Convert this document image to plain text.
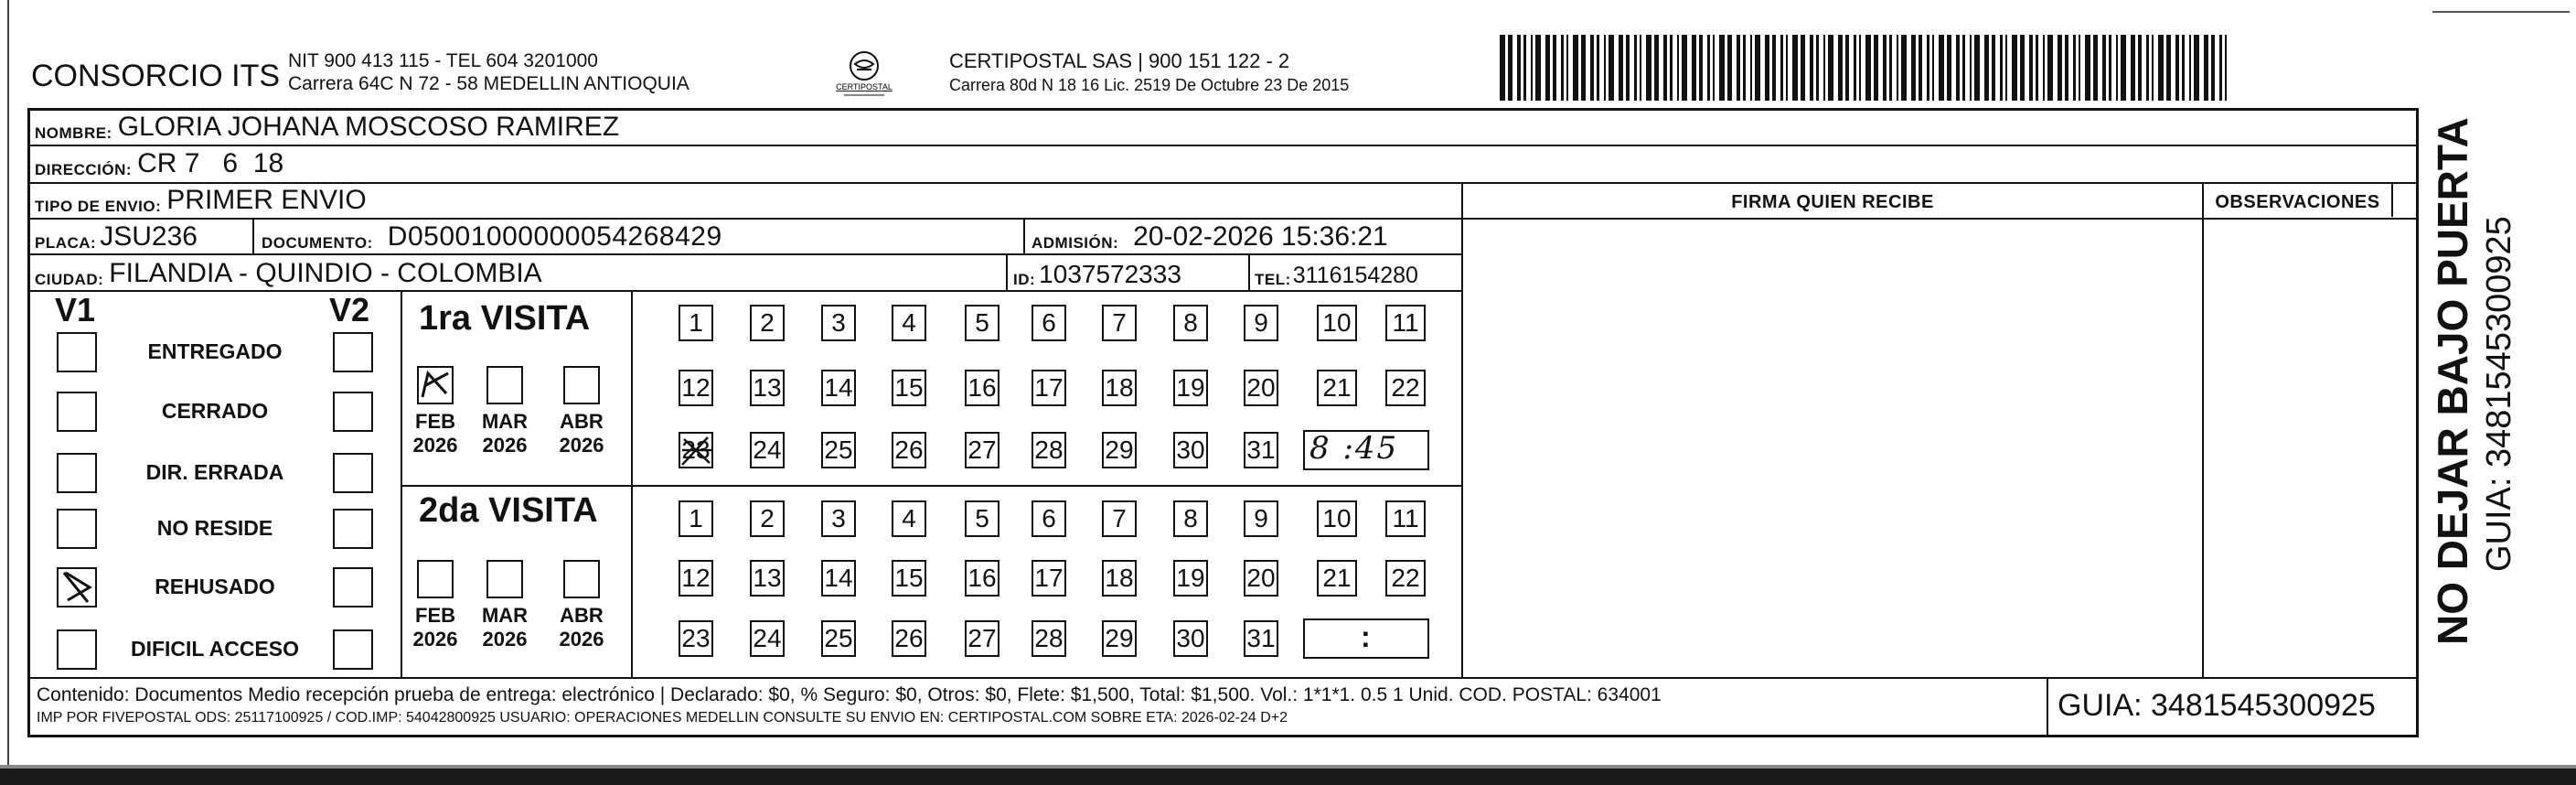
CONSORCIO ITS NIT 900 413 115 - TEL 604 3201000
Carrera 64C N 72 - 58 MEDELLIN ANTIOQUIA	CERTIPOSTAL
CERTIPOSTAL SAS | 900 151 122 - 2
Carrera 80d N 18 16 Lic. 2519 De Octubre 23 De 2015
NOMBRE: GLORIA JOHANA MOSCOSO RAMIREZ
DIRECCIÓN: CR 7   6  18
TIPO DE ENVIO: PRIMER ENVIO	FIRMA QUIEN RECIBE	OBSERVACIONES
PLACA: JSU236	DOCUMENTO: D05001000000054268429	ADMISIÓN: 20-02-2026 15:36:21
CIUDAD: FILANDIA - QUINDIO - COLOMBIA	ID: 1037572333	TEL: 3116154280
V1	V2
ENTREGADO
CERRADO
DIR. ERRADA
NO RESIDE
REHUSADO
DIFICIL ACCESO
1ra VISITA
FEB
2026
MAR
2026
ABR
2026
1	2	3	4	5	6	7	8	9	10 11
12 13 14 15 16 17 18 19 20 21 22
23 24 25 26 27 28 29 30 31 8 :45
2da VISITA
FEB
2026
MAR
2026
ABR
2026
1	2	3	4	5	6	7	8	9	10 11
12 13 14 15 16 17 18 19 20 21 22
23 24 25 26 27 28 29 30 31	:
Contenido: Documentos Medio recepción prueba de entrega: electrónico | Declarado: $0, % Seguro: $0, Otros: $0, Flete: $1,500, Total: $1,500. Vol.: 1*1*1. 0.5 1 Unid. COD. POSTAL: 634001
IMP POR FIVEPOSTAL ODS: 25117100925 / COD.IMP: 54042800925 USUARIO: OPERACIONES MEDELLIN CONSULTE SU ENVIO EN: CERTIPOSTAL.COM SOBRE ETA: 2026-02-24 D+2	GUIA: 3481545300925
NO DEJAR BAJO PUERTA GUIA: 3481545300925
